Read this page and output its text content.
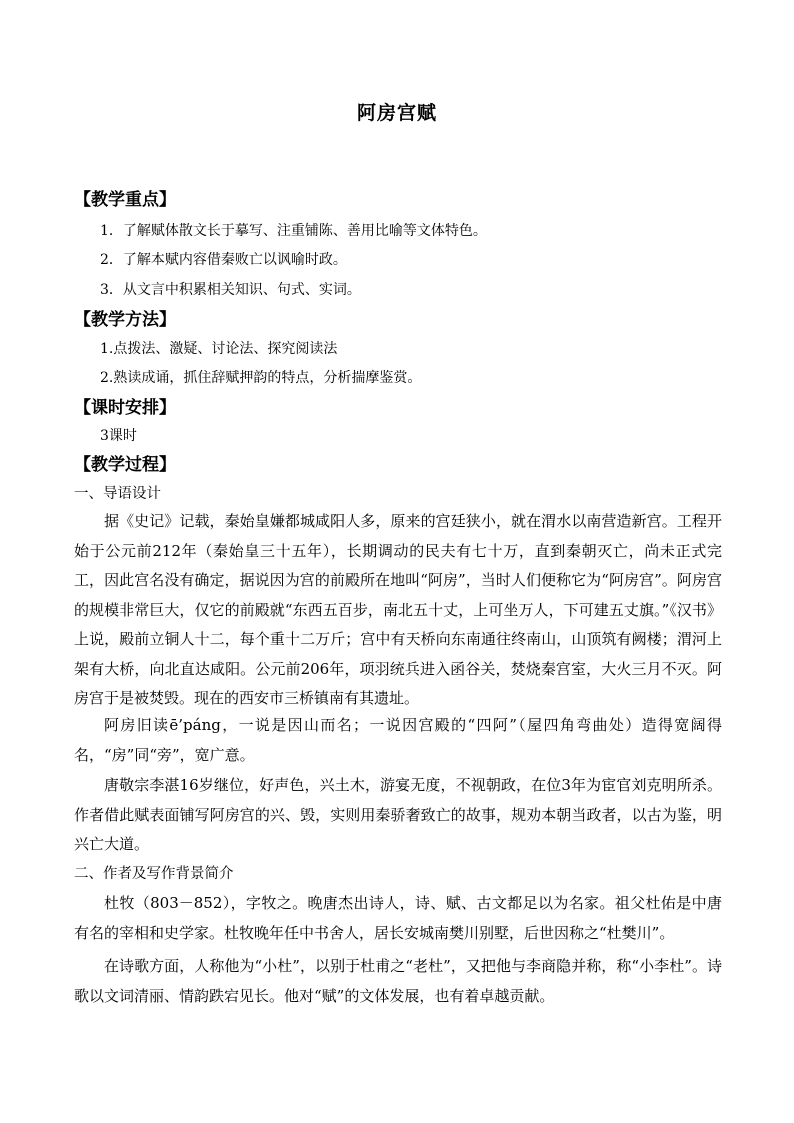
阿房宫赋
【教学重点】
1．了解赋体散文长于摹写、注重铺陈、善用比喻等文体特色。
2．了解本赋内容借秦败亡以讽喻时政。
3．从文言中积累相关知识、句式、实词。
【教学方法】
1.点拨法、激疑、讨论法、探究阅读法
2.熟读成诵，抓住辞赋押韵的特点，分析揣摩鉴赏。
【课时安排】
3课时
【教学过程】
一、导语设计

据《史记》记载，秦始皇嫌都城咸阳人多，原来的宫廷狭小，就在渭水以南营造新宫。工程开始于公元前212年（秦始皇三十五年），长期调动的民夫有七十万，直到秦朝灭亡，尚未正式完工，因此宫名没有确定，据说因为宫的前殿所在地叫“阿房”，当时人们便称它为“阿房宫”。阿房宫的规模非常巨大，仅它的前殿就“东西五百步，南北五十丈，上可坐万人，下可建五丈旗。”《汉书》上说，殿前立铜人十二，每个重十二万斤；宫中有天桥向东南通往终南山，山顶筑有阙楼；渭河上架有大桥，向北直达咸阳。公元前206年，项羽统兵进入函谷关，焚烧秦宫室，大火三月不灭。阿房宫于是被焚毁。现在的西安市三桥镇南有其遗址。

阿房旧读ē’páng，一说是因山而名；一说因宫殿的“四阿”（屋四角弯曲处）造得宽阔得名，“房”同“旁”，宽广意。

唐敬宗李湛16岁继位，好声色，兴土木，游宴无度，不视朝政，在位3年为宦官刘克明所杀。作者借此赋表面铺写阿房宫的兴、毁，实则用秦骄奢致亡的故事，规劝本朝当政者，以古为鉴，明兴亡大道。

二、作者及写作背景简介

杜牧（803－852），字牧之。晚唐杰出诗人，诗、赋、古文都足以为名家。祖父杜佑是中唐有名的宰相和史学家。杜牧晚年任中书舍人，居长安城南樊川别墅，后世因称之“杜樊川”。

在诗歌方面，人称他为“小杜”，以别于杜甫之“老杜”，又把他与李商隐并称，称“小李杜”。诗歌以文词清丽、情韵跌宕见长。他对“赋”的文体发展，也有着卓越贡献。
